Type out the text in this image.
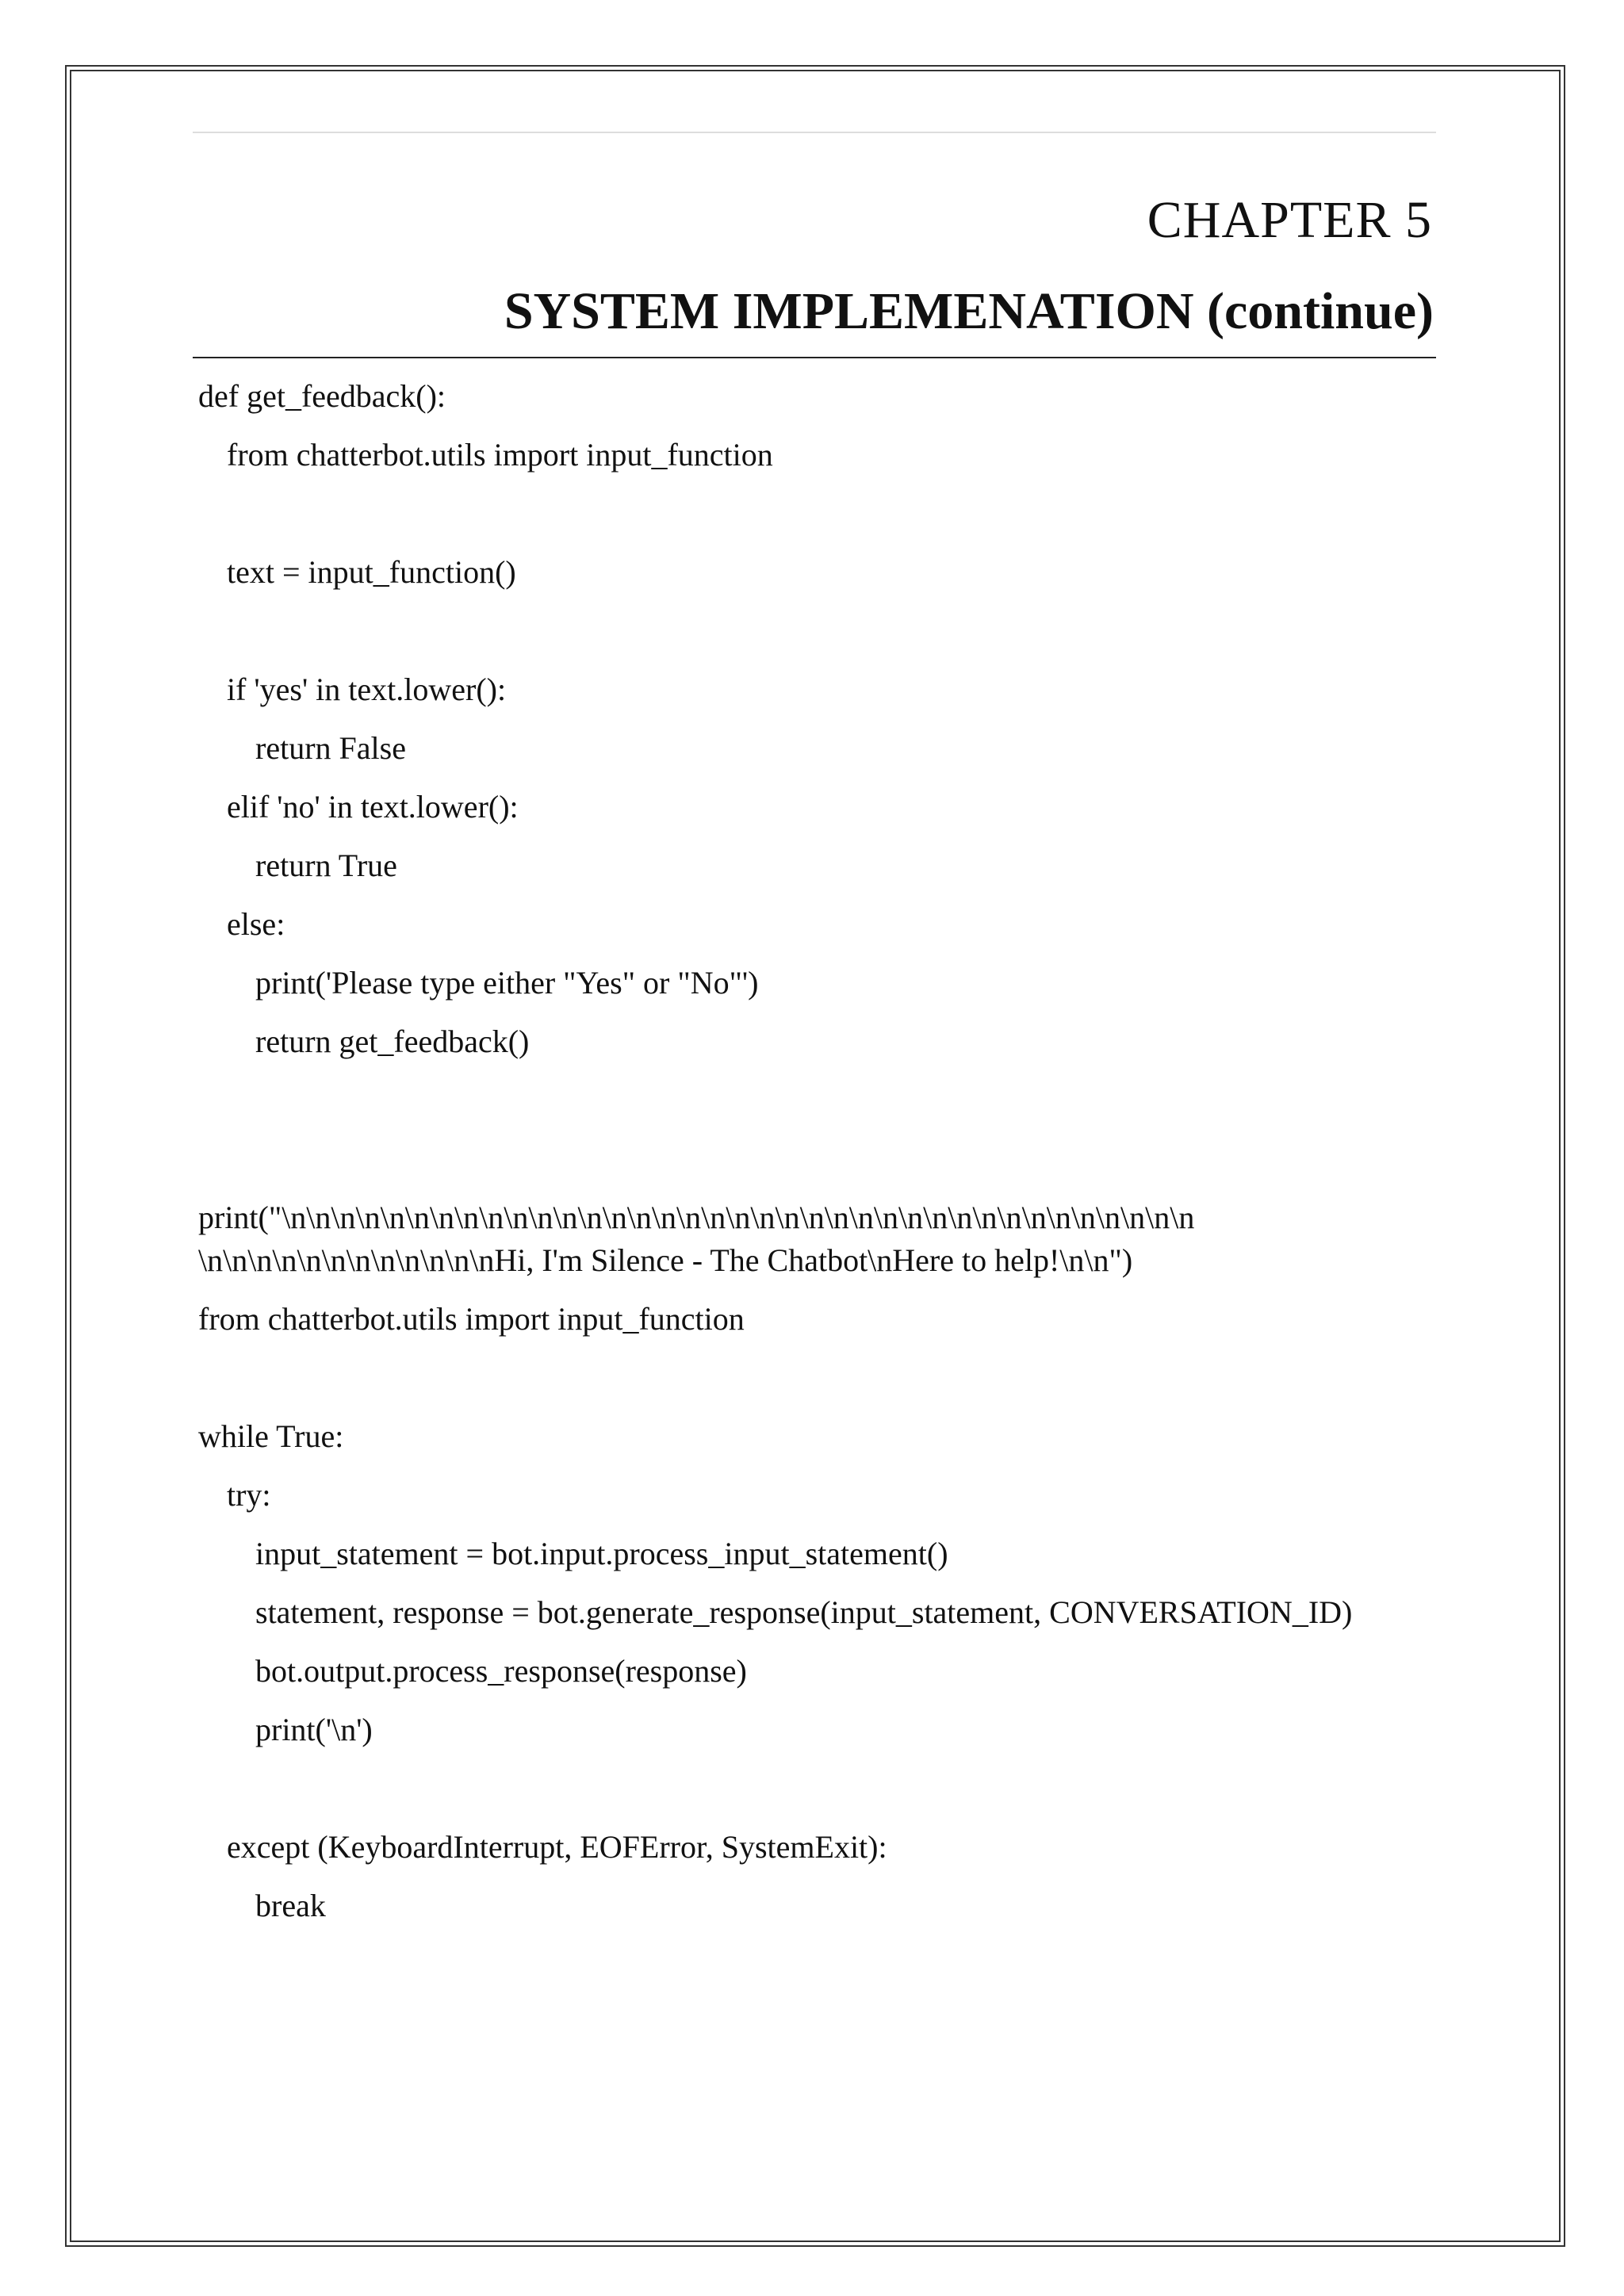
CHAPTER 5
SYSTEM IMPLEMENATION (continue)
def get_feedback():
from chatterbot.utils import input_function
text = input_function()
if 'yes' in text.lower():
return False
elif 'no' in text.lower():
return True
else:
print('Please type either "Yes" or "No"')
return get_feedback()
print("\n\n\n\n\n\n\n\n\n\n\n\n\n\n\n\n\n\n\n\n\n\n\n\n\n\n\n\n\n\n\n\n\n\n\n\n\n
\n\n\n\n\n\n\n\n\n\n\n\nHi, I'm Silence - The Chatbot\nHere to help!\n\n")
from chatterbot.utils import input_function
while True:
try:
input_statement = bot.input.process_input_statement()
statement, response = bot.generate_response(input_statement, CONVERSATION_ID)
bot.output.process_response(response)
print('\n')
except (KeyboardInterrupt, EOFError, SystemExit):
break
